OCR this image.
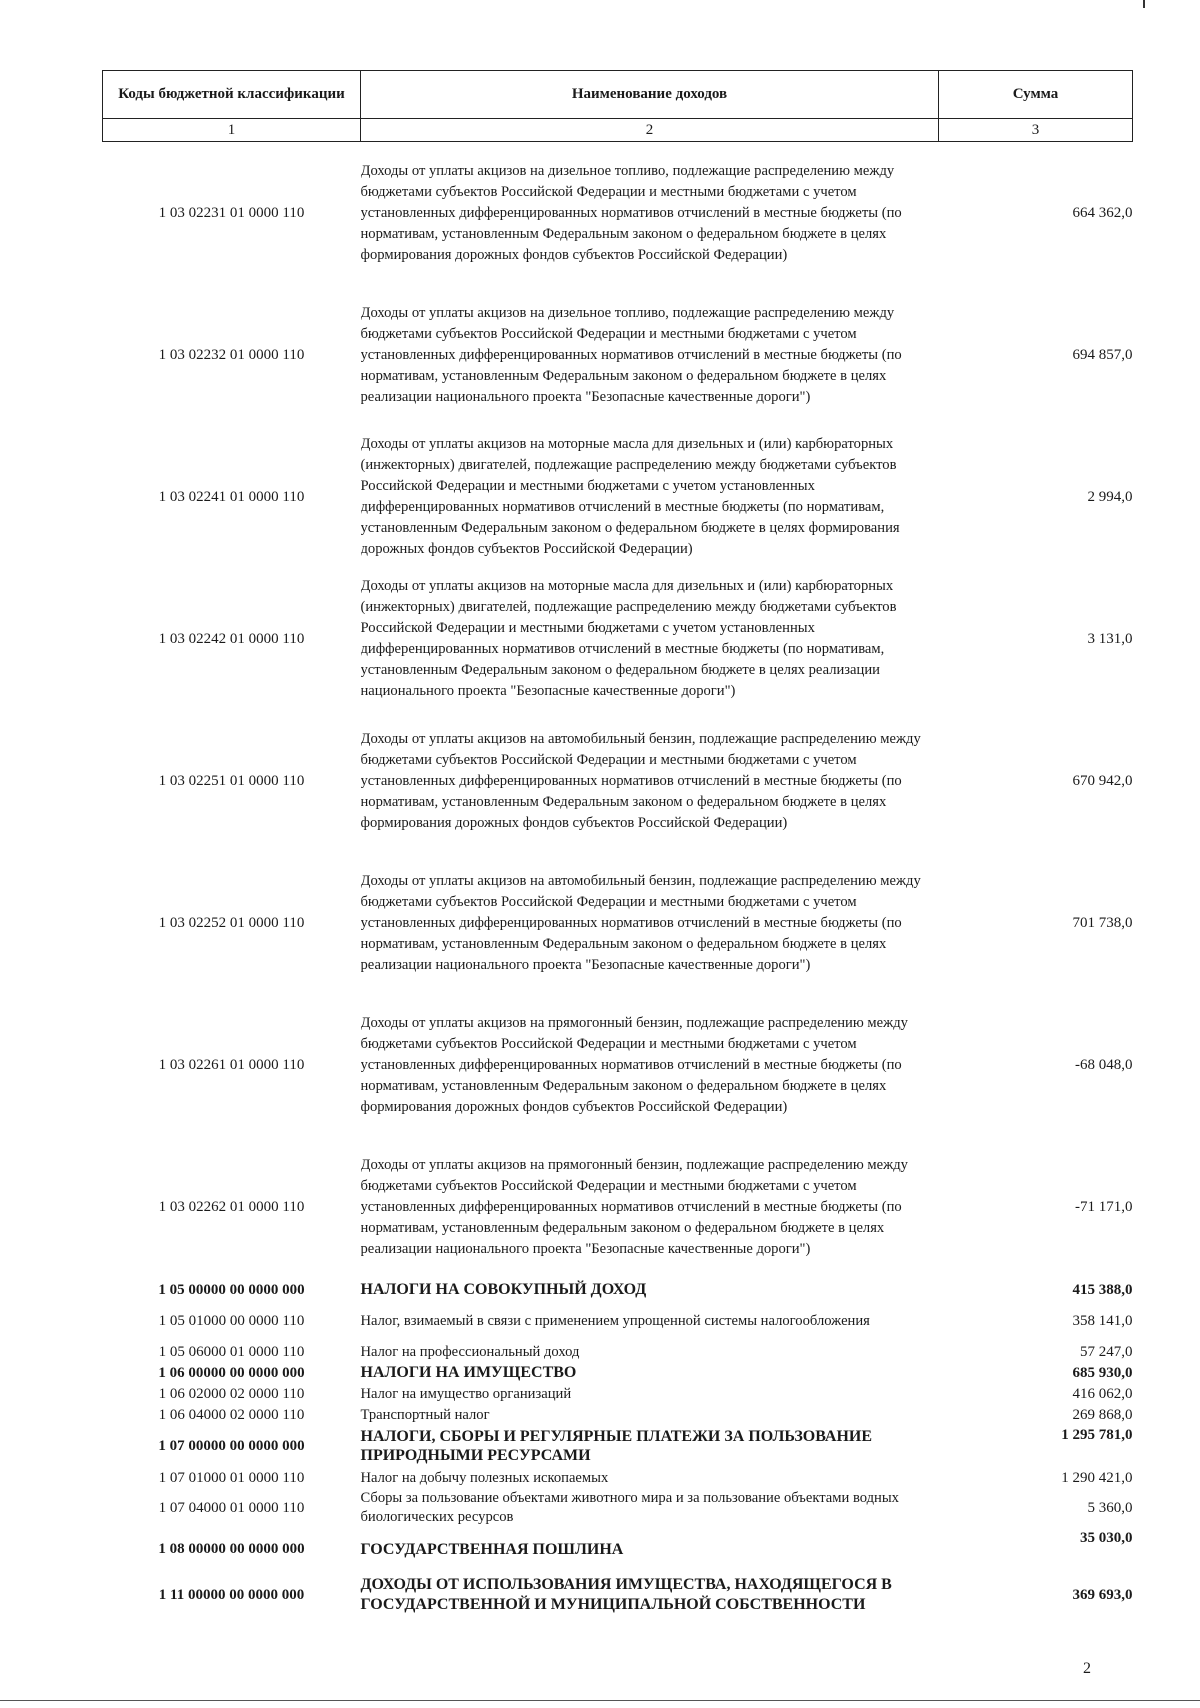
Коды бюджетной классификации	Наименование доходов	Сумма
1	2	3
1 03 02231 01 0000 110	Доходы от уплаты акцизов на дизельное топливо, подлежащие распределению между бюджетами субъектов Российской Федерации и местными бюджетами с учетом установленных дифференцированных нормативов отчислений в местные бюджеты (по нормативам, установленным Федеральным законом о федеральном бюджете в целях формирования дорожных фондов субъектов Российской Федерации)	664 362,0
1 03 02232 01 0000 110	Доходы от уплаты акцизов на дизельное топливо, подлежащие распределению между бюджетами субъектов Российской Федерации и местными бюджетами с учетом установленных дифференцированных нормативов отчислений в местные бюджеты (по нормативам, установленным Федеральным законом о федеральном бюджете в целях реализации национального проекта "Безопасные качественные дороги")	694 857,0
1 03 02241 01 0000 110	Доходы от уплаты акцизов на моторные масла для дизельных и (или) карбюраторных (инжекторных) двигателей, подлежащие распределению между бюджетами субъектов Российской Федерации и местными бюджетами с учетом установленных дифференцированных нормативов отчислений в местные бюджеты (по нормативам, установленным Федеральным законом о федеральном бюджете в целях формирования дорожных фондов субъектов Российской Федерации)	2 994,0
1 03 02242 01 0000 110	Доходы от уплаты акцизов на моторные масла для дизельных и (или) карбюраторных (инжекторных) двигателей, подлежащие распределению между бюджетами субъектов Российской Федерации и местными бюджетами с учетом установленных дифференцированных нормативов отчислений в местные бюджеты (по нормативам, установленным Федеральным законом о федеральном бюджете в целях реализации национального проекта "Безопасные качественные дороги")	3 131,0
1 03 02251 01 0000 110	Доходы от уплаты акцизов на автомобильный бензин, подлежащие распределению между бюджетами субъектов Российской Федерации и местными бюджетами с учетом установленных дифференцированных нормативов отчислений в местные бюджеты (по нормативам, установленным Федеральным законом о федеральном бюджете в целях формирования дорожных фондов субъектов Российской Федерации)	670 942,0
1 03 02252 01 0000 110	Доходы от уплаты акцизов на автомобильный бензин, подлежащие распределению между бюджетами субъектов Российской Федерации и местными бюджетами с учетом установленных дифференцированных нормативов отчислений в местные бюджеты (по нормативам, установленным Федеральным законом о федеральном бюджете в целях реализации национального проекта "Безопасные качественные дороги")	701 738,0
1 03 02261 01 0000 110	Доходы от уплаты акцизов на прямогонный бензин, подлежащие распределению между бюджетами субъектов Российской Федерации и местными бюджетами с учетом установленных дифференцированных нормативов отчислений в местные бюджеты (по нормативам, установленным Федеральным законом о федеральном бюджете в целях формирования дорожных фондов субъектов Российской Федерации)	-68 048,0
1 03 02262 01 0000 110	Доходы от уплаты акцизов на прямогонный бензин, подлежащие распределению между бюджетами субъектов Российской Федерации и местными бюджетами с учетом установленных дифференцированных нормативов отчислений в местные бюджеты (по нормативам, установленным федеральным законом о федеральном бюджете в целях реализации национального проекта "Безопасные качественные дороги")	-71 171,0
1 05 00000 00 0000 000	НАЛОГИ НА СОВОКУПНЫЙ ДОХОД	415 388,0
1 05 01000 00 0000 110	Налог, взимаемый в связи с применением упрощенной системы налогообложения	358 141,0
1 05 06000 01 0000 110	Налог на профессиональный доход	57 247,0
1 06 00000 00 0000 000	НАЛОГИ НА ИМУЩЕСТВО	685 930,0
1 06 02000 02 0000 110	Налог на имущество организаций	416 062,0
1 06 04000 02 0000 110	Транспортный налог	269 868,0
1 07 00000 00 0000 000	НАЛОГИ, СБОРЫ И РЕГУЛЯРНЫЕ ПЛАТЕЖИ ЗА ПОЛЬЗОВАНИЕ ПРИРОДНЫМИ РЕСУРСАМИ	1 295 781,0
1 07 01000 01 0000 110	Налог на добычу полезных ископаемых	1 290 421,0
1 07 04000 01 0000 110	Сборы за пользование объектами животного мира и за пользование объектами водных биологических ресурсов	5 360,0
1 08 00000 00 0000 000	ГОСУДАРСТВЕННАЯ ПОШЛИНА	35 030,0
1 11 00000 00 0000 000	ДОХОДЫ ОТ ИСПОЛЬЗОВАНИЯ ИМУЩЕСТВА, НАХОДЯЩЕГОСЯ В ГОСУДАРСТВЕННОЙ И МУНИЦИПАЛЬНОЙ СОБСТВЕННОСТИ	369 693,0
2
